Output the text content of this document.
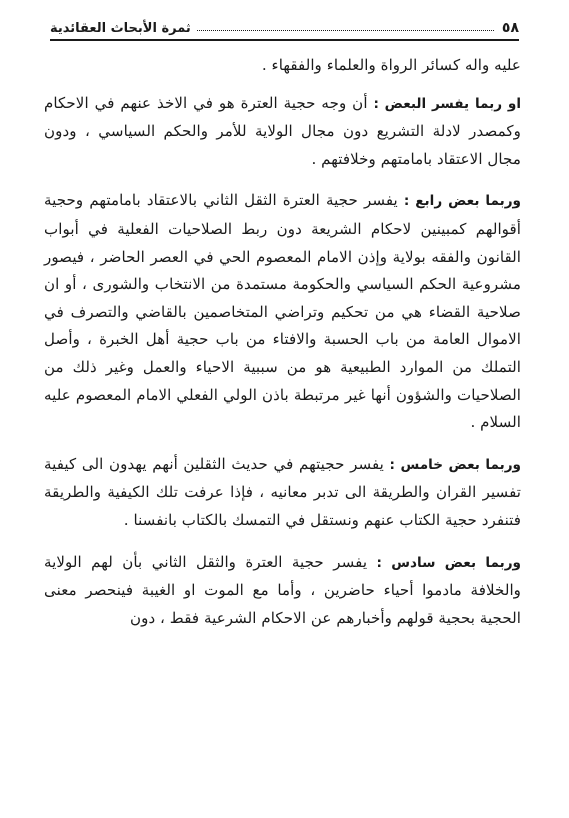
٥٨
ثمرة الأبحاث العقائدية

عليه واله كسائر الرواة والعلماء والفقهاء .

او ربما يفسر البعض : أن وجه حجية العترة هو في الاخذ عنهم في الاحكام وكمصدر لادلة التشريع دون مجال الولاية للأمر والحكم السياسي ، ودون مجال الاعتقاد بامامتهم وخلافتهم .

وربما بعض رابع : يفسر حجية العترة الثقل الثاني بالاعتقاد بامامتهم وحجية أقوالهم كمبينين لاحكام الشريعة دون ربط الصلاحيات الفعلية في أبواب القانون والفقه بولاية وإذن الامام المعصوم الحي في العصر الحاضر ، فيصور مشروعية الحكم السياسي والحكومة مستمدة من الانتخاب والشورى ، أو ان صلاحية القضاء هي من تحكيم وتراضي المتخاصمين بالقاضي والتصرف في الاموال العامة من باب الحسبة والافتاء من باب حجية أهل الخبرة ، وأصل التملك من الموارد الطبيعية هو من سببية الاحياء والعمل وغير ذلك من الصلاحيات والشؤون أنها غير مرتبطة باذن الولي الفعلي الامام المعصوم عليه السلام .

وربما بعض خامس : يفسر حجيتهم في حديث الثقلين أنهم يهدون الى كيفية تفسير القران والطريقة الى تدبر معانيه ، فإذا عرفت تلك الكيفية والطريقة فتنفرد حجية الكتاب عنهم ونستقل في التمسك بالكتاب بانفسنا .

وربما بعض سادس : يفسر حجية العترة والثقل الثاني بأن لهم الولاية والخلافة مادموا أحياء حاضرين ، وأما مع الموت او الغيبة فينحصر معنى الحجية بحجية قولهم وأخبارهم عن الاحكام الشرعية فقط ، دون
